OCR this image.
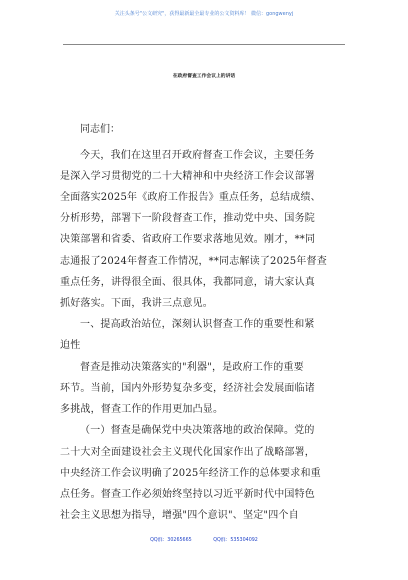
关注头条号"公文研究"，获得最新最全最专业的公文资料库！ 微信：gongwenyj
在政府督查工作会议上的讲话
同志们：
今天，我们在这里召开政府督查工作会议，主要任务
是深入学习贯彻党的二十大精神和中央经济工作会议部署
全面落实2025年《政府工作报告》重点任务，总结成绩、
分析形势，部署下一阶段督查工作，推动党中央、国务院
决策部署和省委、省政府工作要求落地见效。刚才，**同
志通报了2024年督查工作情况，**同志解读了2025年督查
重点任务，讲得很全面、很具体，我都同意，请大家认真
抓好落实。下面，我讲三点意见。
一、提高政治站位，深刻认识督查工作的重要性和紧
迫性
督查是推动决策落实的"利器"，是政府工作的重要
环节。当前，国内外形势复杂多变，经济社会发展面临诸
多挑战，督查工作的作用更加凸显。
（一）督查是确保党中央决策落地的政治保障。党的
二十大对全面建设社会主义现代化国家作出了战略部署，
中央经济工作会议明确了2025年经济工作的总体要求和重
点任务。督查工作必须始终坚持以习近平新时代中国特色
社会主义思想为指导，增强"四个意识"、坚定"四个自
QQ群：30265665	QQ群：535304092
